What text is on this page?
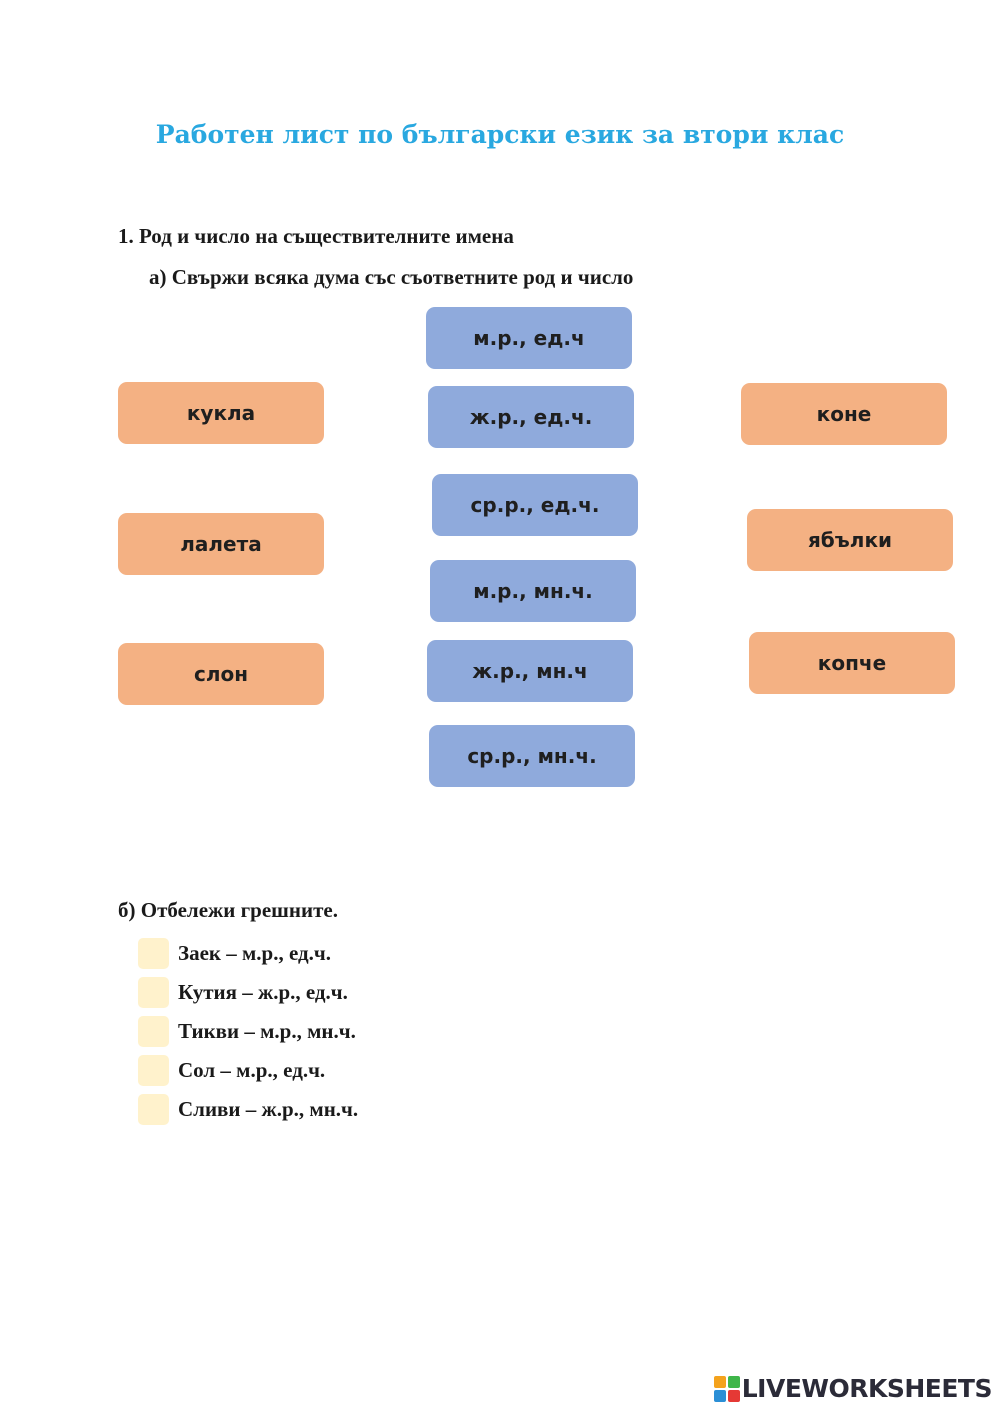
Работен лист по български език за втори клас
1. Род и число на съществителните имена
а) Свържи всяка дума със съответните род и число
кукла
лалета
слон
м.р., ед.ч
ж.р., ед.ч.
ср.р., ед.ч.
м.р., мн.ч.
ж.р., мн.ч
ср.р., мн.ч.
коне
ябълки
копче
б) Отбележи грешните.
Заек – м.р., ед.ч.
Кутия – ж.р., ед.ч.
Тикви – м.р., мн.ч.
Сол – м.р., ед.ч.
Сливи – ж.р., мн.ч.
LIVEWORKSHEETS
